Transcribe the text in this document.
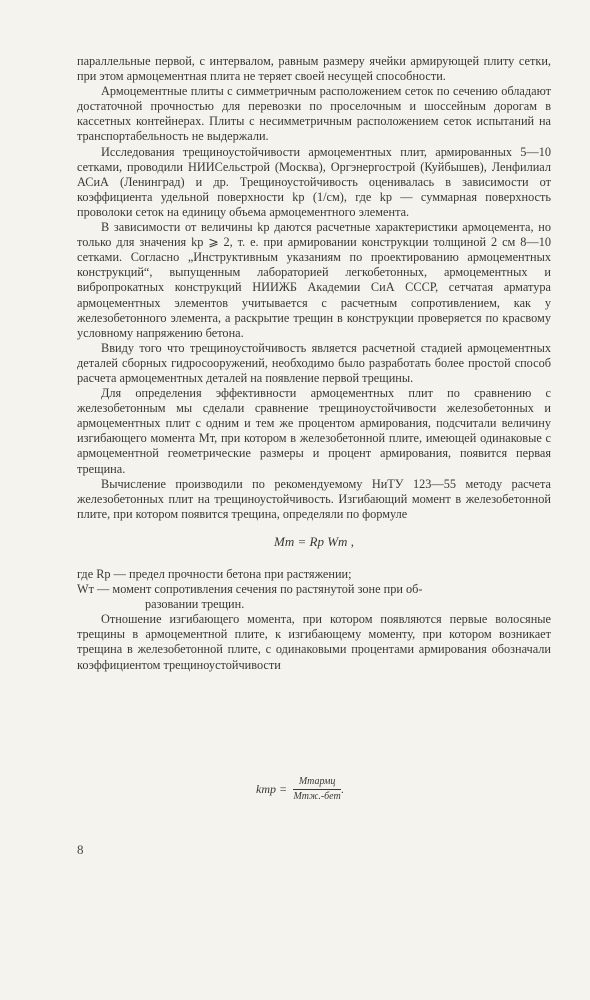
параллельные первой, с интервалом, равным размеру ячейки армирующей плиту сетки, при этом армоцементная плита не теряет своей несущей способности.

Армоцементные плиты с симметричным расположением сеток по сечению обладают достаточной прочностью для перевозки по проселочным и шоссейным дорогам в кассетных контейнерах. Плиты с несимметричным расположением сеток испытаний на транспортабельность не выдержали.

Исследования трещиноустойчивости армоцементных плит, армированных 5—10 сетками, проводили НИИСельстрой (Москва), Оргэнергострой (Куйбышев), Ленфилиал АСиА (Ленинград) и др. Трещиноустойчивость оценивалась в зависимости от коэффициента удельной поверхности kр (1/см), где kр — суммарная поверхность проволоки сеток на единицу объема армоцементного элемента.

В зависимости от величины kр даются расчетные характеристики армоцемента, но только для значения kр ⩾ 2, т. е. при армировании конструкции толщиной 2 см 8—10 сетками. Согласно „Инструктивным указаниям по проектированию армоцементных конструкций“, выпущенным лабораторией легкобетонных, армоцементных и вибропрокатных конструкций НИИЖБ Академии СиА СССР, сетчатая арматура армоцементных элементов учитывается с расчетным сопротивлением, как у железобетонного элемента, а раскрытие трещин в конструкции проверяется по красвому условному напряжению бетона.

Ввиду того что трещиноустойчивость является расчетной стадией армоцементных деталей сборных гидросооружений, необходимо было разработать более простой способ расчета армоцементных деталей на появление первой трещины.

Для определения эффективности армоцементных плит по сравнению с железобетонным мы сделали сравнение трещиноустойчивости железобетонных и армоцементных плит с одним и тем же процентом армирования, подсчитали величину изгибающего момента Мт, при котором в железобетонной плите, имеющей одинаковые с армоцементной геометрические размеры и процент армирования, появится первая трещина.

Вычисление производили по рекомендуемому НиТУ 123—55 методу расчета железобетонных плит на трещиноустойчивость. Изгибающий момент в железобетонной плите, при котором появится трещина, определяли по формуле

Мт = Rр Wт ,

где Rр — предел прочности бетона при растяжении;

Wт — момент сопротивления сечения по растянутой зоне при об-

разовании трещин.

Отношение изгибающего момента, при котором появляются первые волосяные трещины в армоцементной плите, к изгибающему моменту, при котором возникает трещина в железобетонной плите, с одинаковыми процентами армирования обозначали коэффициентом трещиноустойчивости

kтр = $\frac{\text{Мтармц}}{\text{Мтж.-бет}}$ .
8
